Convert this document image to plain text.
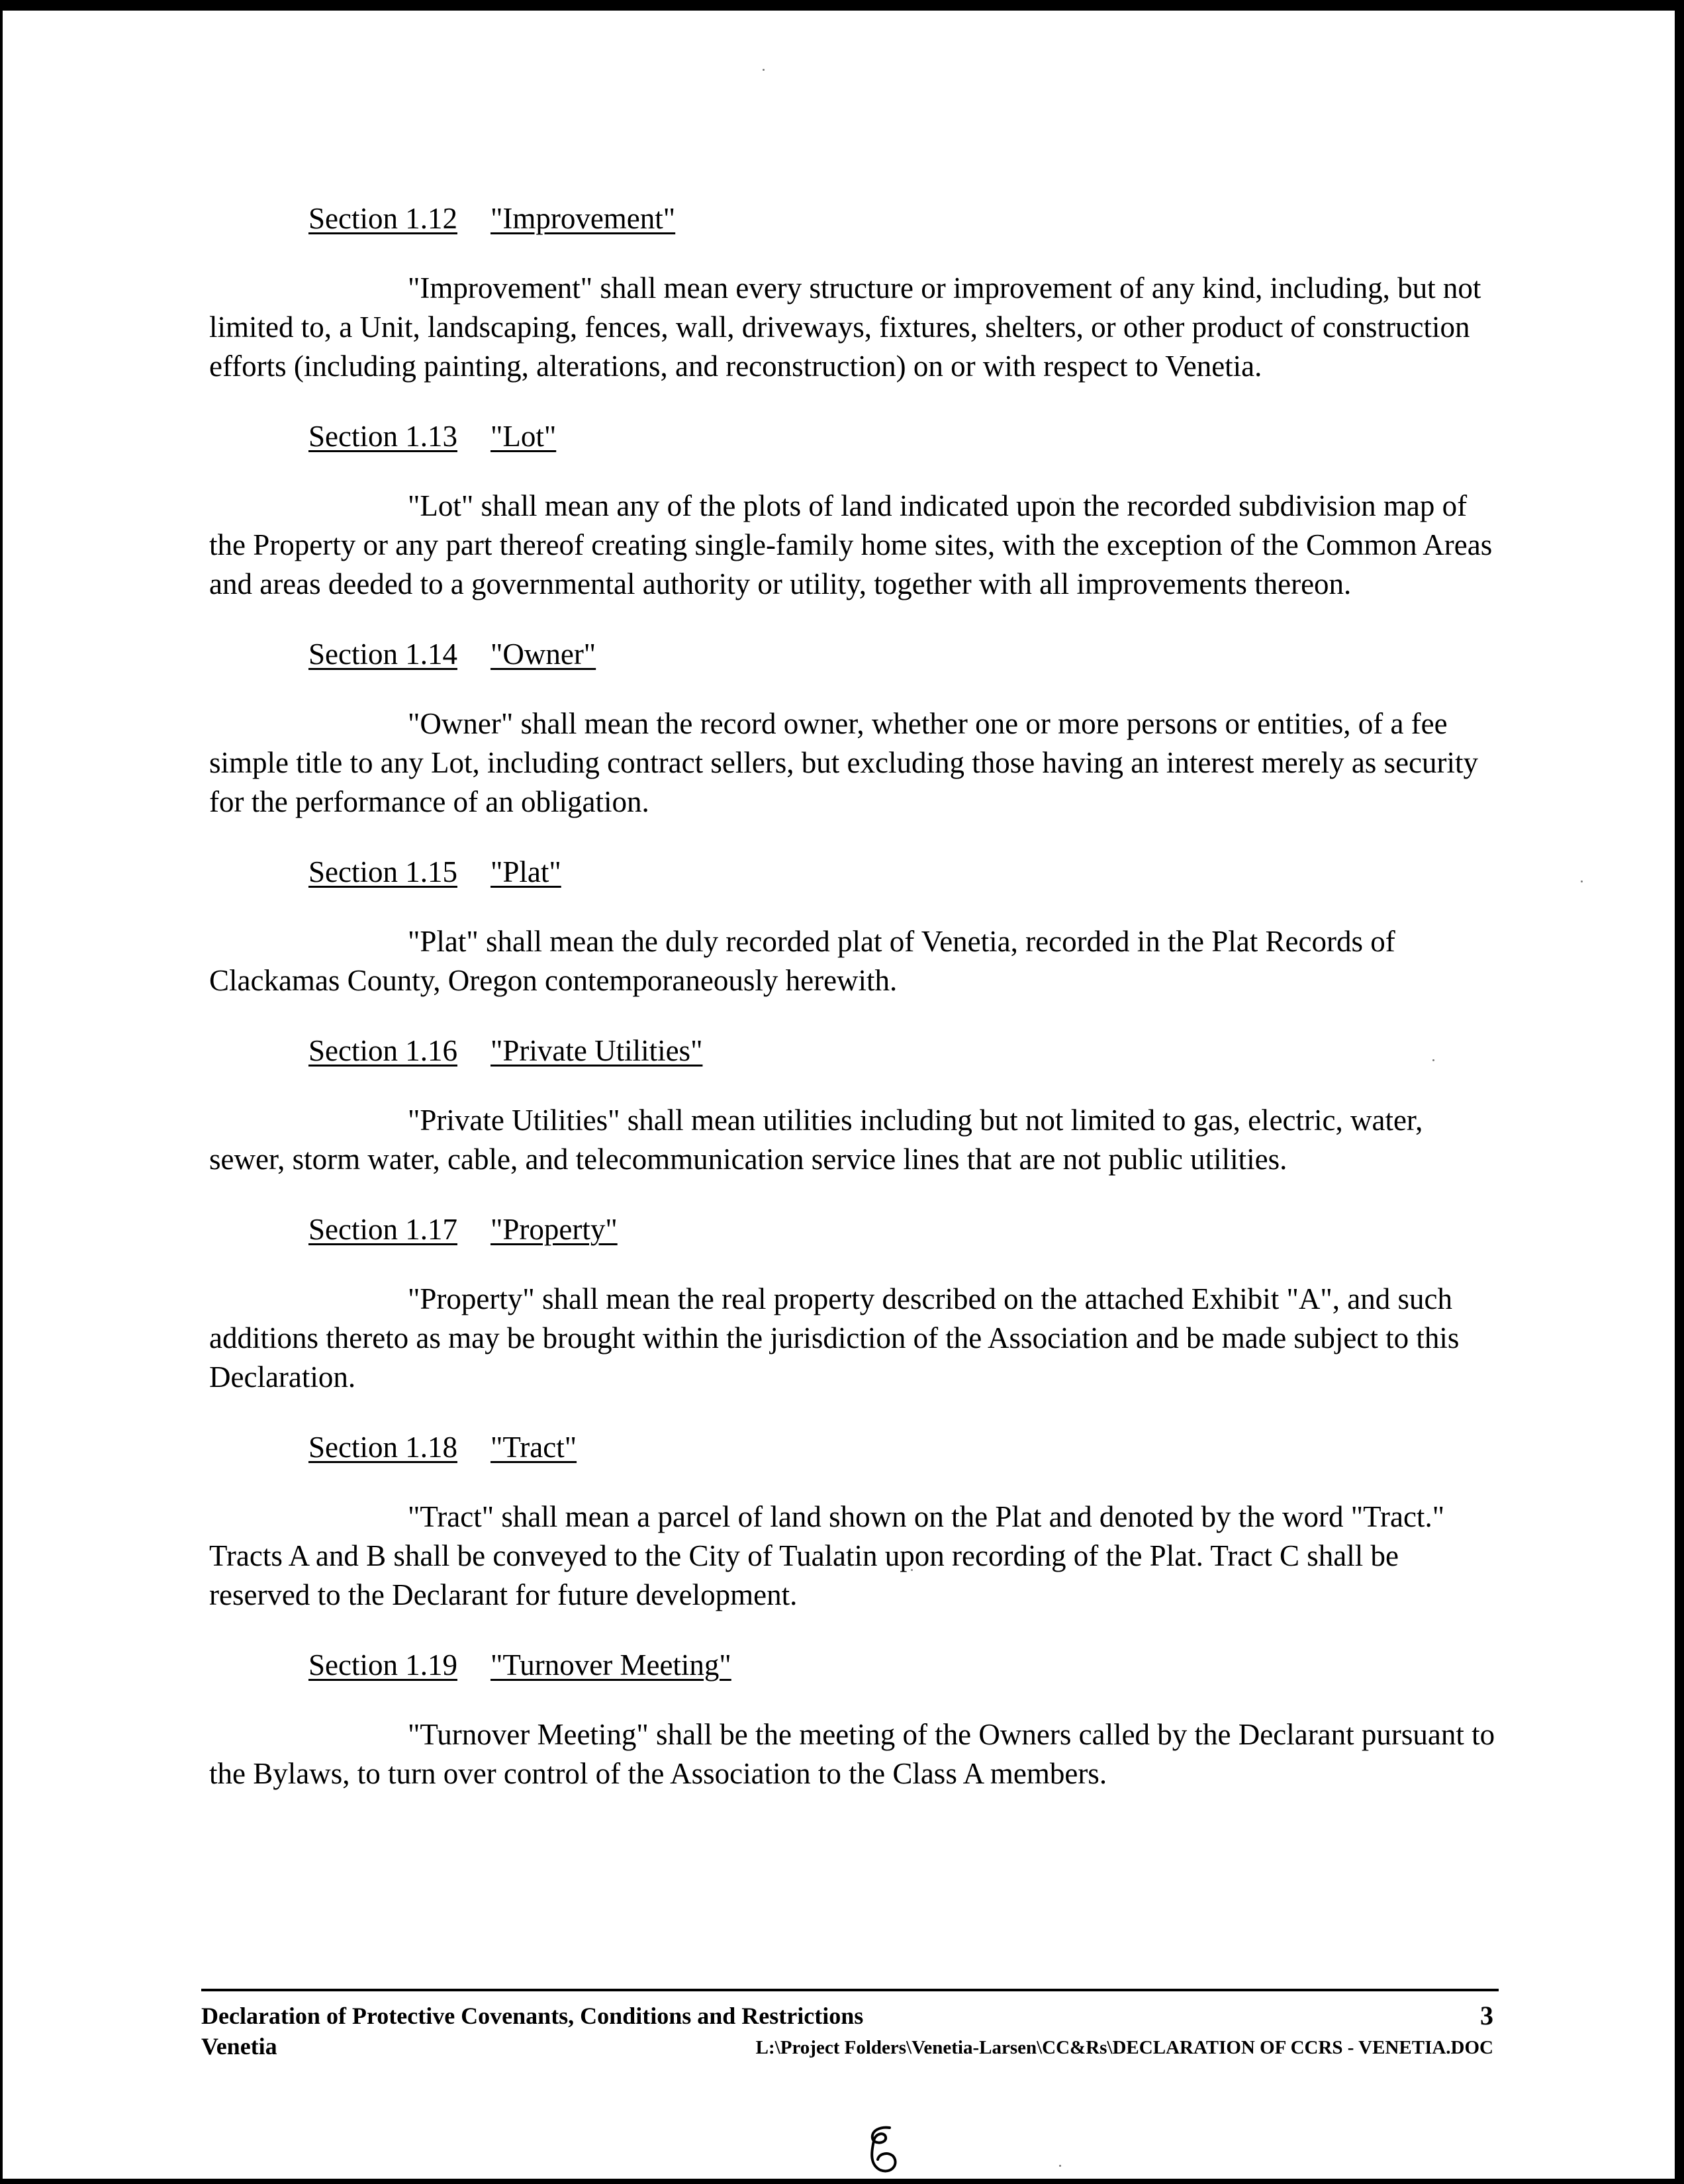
Section 1.12 "Improvement"

"Improvement" shall mean every structure or improvement of any kind, including, but not limited to, a Unit, landscaping, fences, wall, driveways, fixtures, shelters, or other product of construction efforts (including painting, alterations, and reconstruction) on or with respect to Venetia.

Section 1.13 "Lot"

"Lot" shall mean any of the plots of land indicated upon the recorded subdivision map of the Property or any part thereof creating single-family home sites, with the exception of the Common Areas and areas deeded to a governmental authority or utility, together with all improvements thereon.

Section 1.14 "Owner"

"Owner" shall mean the record owner, whether one or more persons or entities, of a fee simple title to any Lot, including contract sellers, but excluding those having an interest merely as security for the performance of an obligation.

Section 1.15 "Plat"

"Plat" shall mean the duly recorded plat of Venetia, recorded in the Plat Records of Clackamas County, Oregon contemporaneously herewith.

Section 1.16 "Private Utilities"

"Private Utilities" shall mean utilities including but not limited to gas, electric, water, sewer, storm water, cable, and telecommunication service lines that are not public utilities.

Section 1.17 "Property"

"Property" shall mean the real property described on the attached Exhibit "A", and such additions thereto as may be brought within the jurisdiction of the Association and be made subject to this Declaration.

Section 1.18 "Tract"

"Tract" shall mean a parcel of land shown on the Plat and denoted by the word "Tract." Tracts A and B shall be conveyed to the City of Tualatin upon recording of the Plat. Tract C shall be reserved to the Declarant for future development.

Section 1.19 "Turnover Meeting"

"Turnover Meeting" shall be the meeting of the Owners called by the Declarant pursuant to the Bylaws, to turn over control of the Association to the Class A members.

Declaration of Protective Covenants, Conditions and Restrictions	3
Venetia	L:\Project Folders\Venetia-Larsen\CC&Rs\DECLARATION OF CCRS - VENETIA.DOC
